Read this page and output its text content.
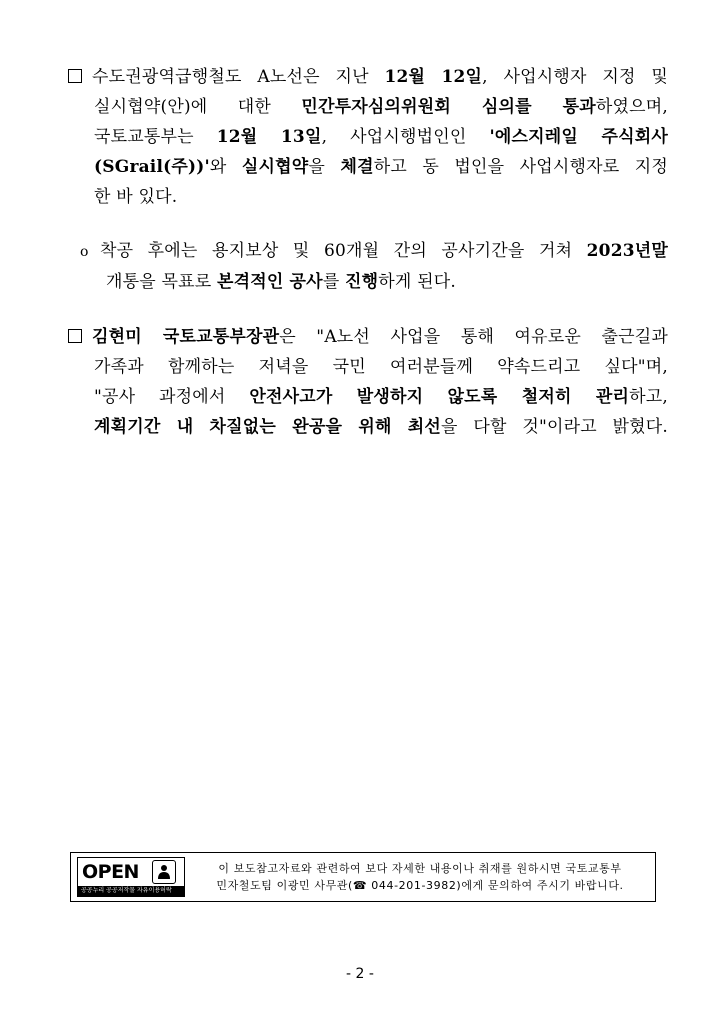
수도권광역급행철도 A노선은 지난 12월 12일, 사업시행자 지정 및
실시협약(안)에 대한 민간투자심의위원회 심의를 통과하였으며,
국토교통부는 12월 13일, 사업시행법인인 '에스지레일 주식회사
(SGrail(주))'와 실시협약을 체결하고 동 법인을 사업시행자로 지정
한 바 있다.
o 착공 후에는 용지보상 및 60개월 간의 공사기간을 거쳐 2023년말
개통을 목표로 본격적인 공사를 진행하게 된다.
김현미 국토교통부장관은 "A노선 사업을 통해 여유로운 출근길과
가족과 함께하는 저녁을 국민 여러분들께 약속드리고 싶다"며,
"공사 과정에서 안전사고가 발생하지 않도록 철저히 관리하고,
계획기간 내 차질없는 완공을 위해 최선을 다할 것"이라고 밝혔다.
OPEN
공공누리 공공저작물 자유이용허락
이 보도참고자료와 관련하여 보다 자세한 내용이나 취재를 원하시면 국토교통부
민자철도팀 이광민 사무관(☎ 044-201-3982)에게 문의하여 주시기 바랍니다.
- 2 -
